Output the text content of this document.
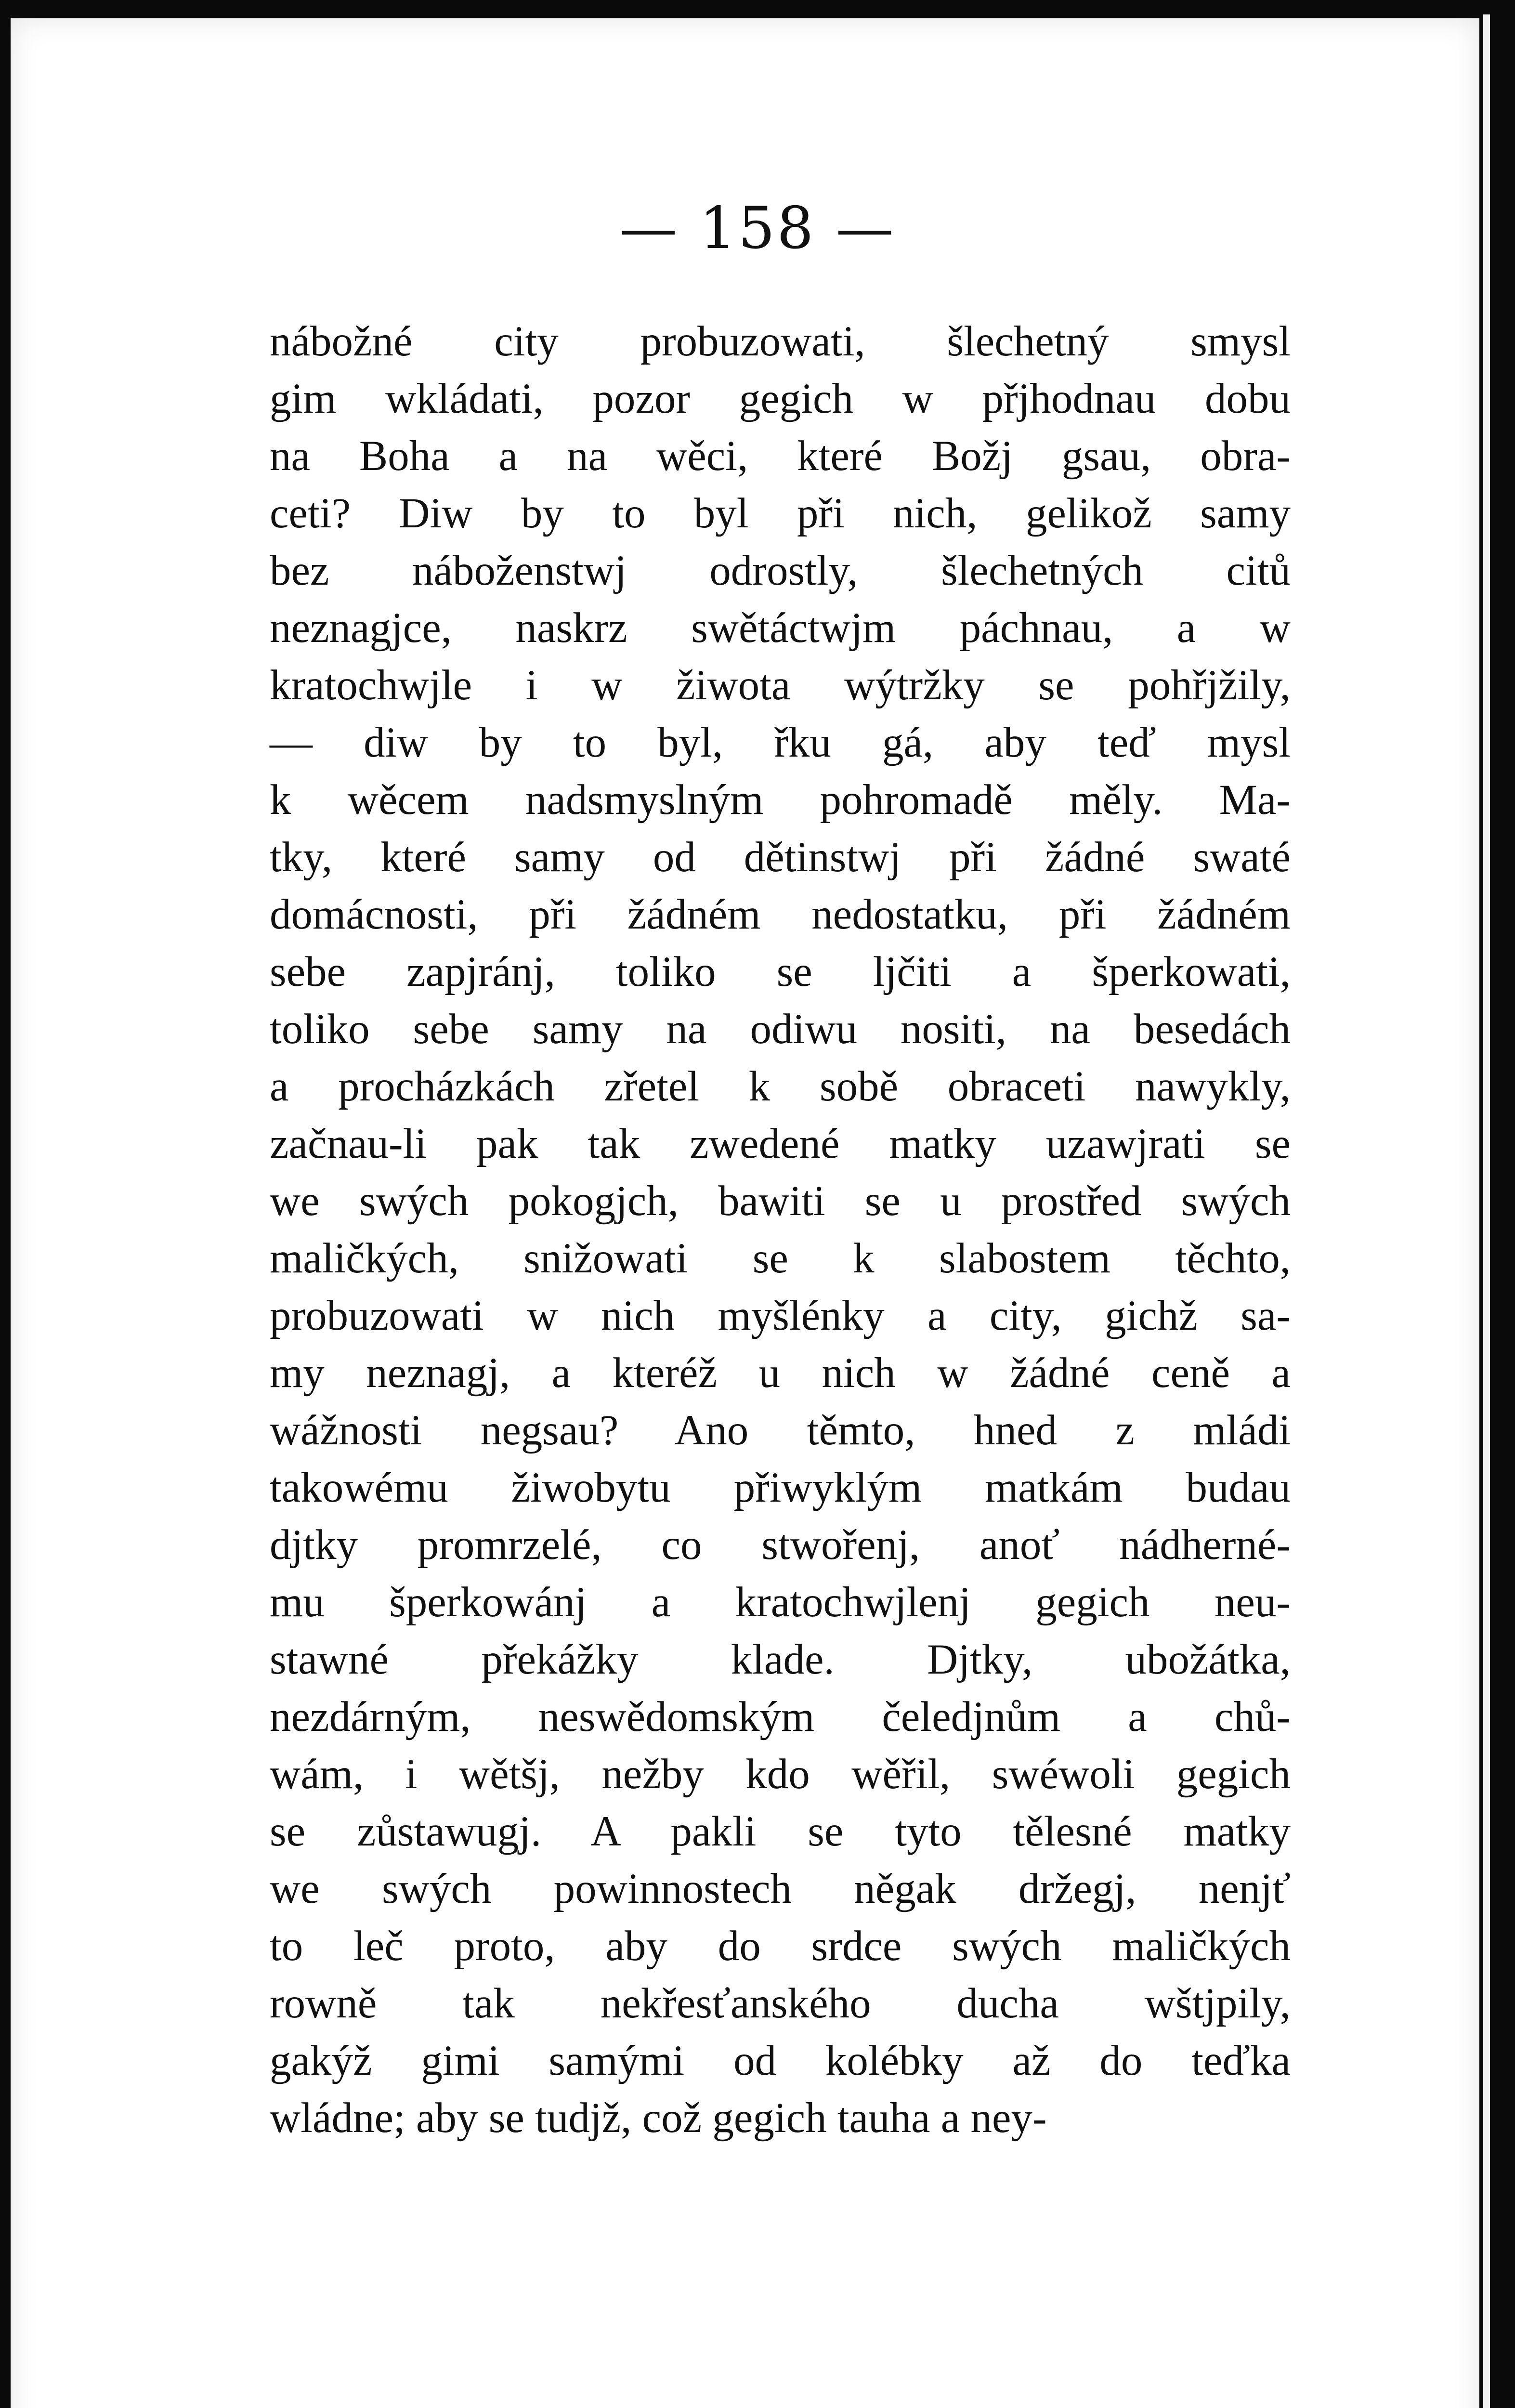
— 158 —
nábožné city probuzowati, šlechetný smysl
gim wkládati, pozor gegich w přjhodnau dobu
na Boha a na wěci, které Božj gsau, obra-
ceti? Diw by to byl při nich, gelikož samy
bez náboženstwj odrostly, šlechetných citů
neznagjce, naskrz swětáctwjm páchnau, a w
kratochwjle i w žiwota wýtržky se pohřjžily,
— diw by to byl, řku gá, aby teď mysl
k wěcem nadsmyslným pohromadě měly. Ma-
tky, které samy od dětinstwj při žádné swaté
domácnosti, při žádném nedostatku, při žádném
sebe zapjránj, toliko se ljčiti a šperkowati,
toliko sebe samy na odiwu nositi, na besedách
a procházkách zřetel k sobě obraceti nawykly,
začnau-li pak tak zwedené matky uzawjrati se
we swých pokogjch, bawiti se u prostřed swých
maličkých, snižowati se k slabostem těchto,
probuzowati w nich myšlénky a city, gichž sa-
my neznagj, a kteréž u nich w žádné ceně a
wážnosti negsau? Ano těmto, hned z mládi
takowému žiwobytu přiwyklým matkám budau
djtky promrzelé, co stwořenj, anoť nádherné-
mu šperkowánj a kratochwjlenj gegich neu-
stawné překážky klade. Djtky, ubožátka,
nezdárným, neswědomským čeledjnům a chů-
wám, i wětšj, nežby kdo wěřil, swéwoli gegich
se zůstawugj. A pakli se tyto tělesné matky
we swých powinnostech něgak držegj, nenjť
to leč proto, aby do srdce swých maličkých
rowně tak nekřesťanského ducha wštjpily,
gakýž gimi samými od kolébky až do teďka
wládne; aby se tudjž, což gegich tauha a ney-
